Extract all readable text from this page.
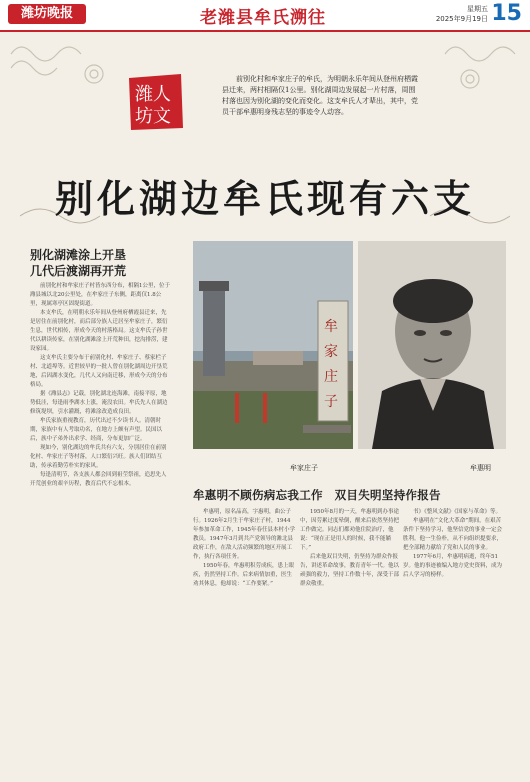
潍坊晚报	老潍县牟氏溯往	星期五
2025年9月19日 15
潍人
坊文
前别化村和牟家庄子的牟氏，为明朝永乐年间从登州府栖霞县迁来，两村相隔仅1公里。别化湖周边发展起一片村落，周围村落也因为别化湖的变化而变化。这支牟氏人才辈出，其中，党员干部牟惠明身残志坚的事迹令人动容。
别化湖边牟氏现有六支
别化湖滩涂上开垦
几代后渡湖再开荒

前别化村和牟家庄子村皆东西分布，相隔1公里，位于潍县城以北20公里处，在牟家庄子东侧，距离仅1.8公里，现属寒亭区固堤街道。

本支牟氏，在明朝永乐年间从登州府栖霞县迁来，先是居住在前别化村，而后部分族人迁居至牟家庄子，繁衍生息，世代相传，形成今天的村落格局。这支牟氏子孙世代以耕读传家，在别化湖滩涂上开荒种田，挖沟排涝，建设家园。

这支牟氏主要分布于前别化村、牟家庄子、蔡家栏子村、北道埠等。近世较早的一批人曾在别化湖周边开垦荒地，后因湖水变化，几代人又向南迁移，形成今天的分布格局。

据《潍县志》记载，别化湖北连海滩，南接平原，地势低洼，每逢雨季湖水上涨，淹没农田。牟氏先人在湖边修筑堤坝，引水灌溉，将滩涂改造成良田。

牟氏家族重视教育，历代出过不少读书人。清朝时期，家族中有人考取功名，在地方上颇有声望。民国以后，族中子弟外出求学、经商，分布更加广泛。

现如今，别化湖边的牟氏共有六支，分别居住在前别化村、牟家庄子等村落，人口繁衍兴旺。族人们团结互助，传承着勤劳朴实的家风。

每逢清明节，各支族人都会回到祖茔祭祖，追思先人开荒创业的艰辛历程，教育后代不忘根本。

牟
家
庄
子
牟家庄子	牟惠明
牟惠明不顾伤病忘我工作　双目失明坚持作报告

牟惠明，原名品高，字惠明，曲公子行。1926年2月生于牟家庄子村，1944年参加革命工作，1945年春任县本村小学教员。1947年3月到共产党领导的潍北县政府工作，在敌人活动频繁的地区开展工作，执行各项任务。

1950年春，牟惠明积劳成疾，患上眼疾，仍然坚持工作。后来病情加重，医生劝其休息，他却说：“工作要紧。”

1950年8月的一天，牟惠明到办事途中，因劳累过度晕倒，醒来后依然坚持把工作做完。同志们都劝他住院治疗，他说：“现在正是用人的时候，我不能躺下。”

后来他双目失明，仍坚持为群众作报告，讲述革命故事，教育青年一代。他以顽强的毅力，坚持工作数十年，深受干部群众敬重。

书》《整风文献》《国家与革命》等。

牟惠明在“文化大革命”期间，在艰苦条件下坚持学习，他坚信党的事业一定会胜利。他一生俭朴，从不向组织提要求，把全部精力献给了党和人民的事业。

1977年6月，牟惠明病逝，终年51岁。他的事迹被编入地方党史资料，成为后人学习的榜样。
